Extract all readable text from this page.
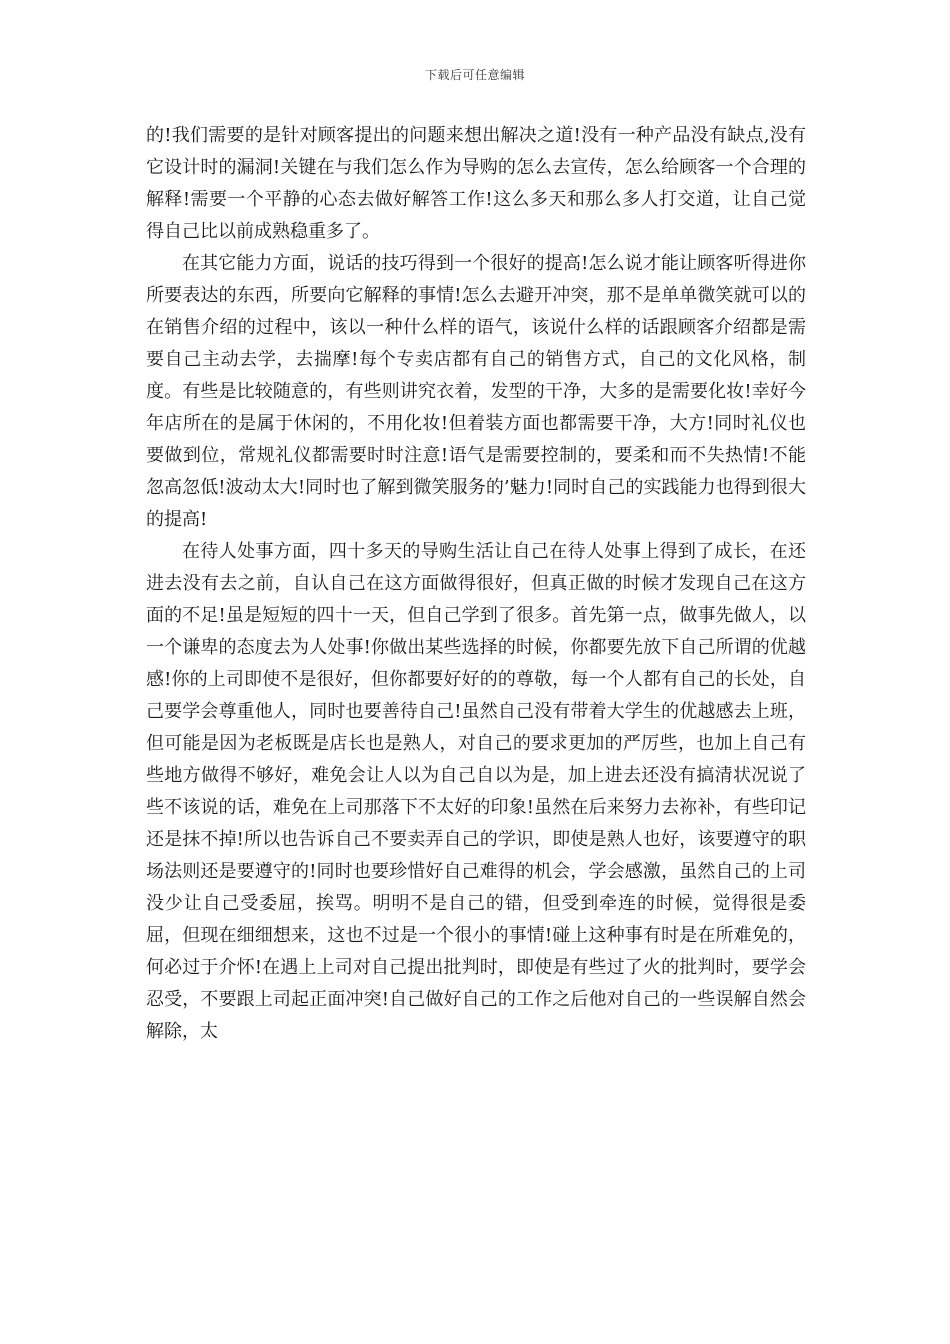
下载后可任意编辑

的!我们需要的是针对顾客提出的问题来想出解决之道!没有一种产品没有缺点,没有它设计时的漏洞!关键在与我们怎么作为导购的怎么去宣传，怎么给顾客一个合理的解释!需要一个平静的心态去做好解答工作!这么多天和那么多人打交道，让自己觉得自己比以前成熟稳重多了。

在其它能力方面，说话的技巧得到一个很好的提高!怎么说才能让顾客听得进你所要表达的东西，所要向它解释的事情!怎么去避开冲突，那不是单单微笑就可以的在销售介绍的过程中，该以一种什么样的语气，该说什么样的话跟顾客介绍都是需要自己主动去学，去揣摩!每个专卖店都有自己的销售方式，自己的文化风格，制度。有些是比较随意的，有些则讲究衣着，发型的干净，大多的是需要化妆!幸好今年店所在的是属于休闲的，不用化妆!但着装方面也都需要干净，大方!同时礼仪也要做到位，常规礼仪都需要时时注意!语气是需要控制的，要柔和而不失热情!不能忽高忽低!波动太大!同时也了解到微笑服务的’魅力!同时自己的实践能力也得到很大的提高!

在待人处事方面，四十多天的导购生活让自己在待人处事上得到了成长，在还进去没有去之前，自认自己在这方面做得很好，但真正做的时候才发现自己在这方面的不足!虽是短短的四十一天，但自己学到了很多。首先第一点，做事先做人，以一个谦卑的态度去为人处事!你做出某些选择的时候，你都要先放下自己所谓的优越感!你的上司即使不是很好，但你都要好好的的尊敬，每一个人都有自己的长处，自己要学会尊重他人，同时也要善待自己!虽然自己没有带着大学生的优越感去上班，但可能是因为老板既是店长也是熟人，对自己的要求更加的严厉些，也加上自己有些地方做得不够好，难免会让人以为自己自以为是，加上进去还没有搞清状况说了些不该说的话，难免在上司那落下不太好的印象!虽然在后来努力去祢补，有些印记还是抹不掉!所以也告诉自己不要卖弄自己的学识，即使是熟人也好，该要遵守的职场法则还是要遵守的!同时也要珍惜好自己难得的机会，学会感激，虽然自己的上司没少让自己受委屈，挨骂。明明不是自己的错，但受到牵连的时候，觉得很是委屈，但现在细细想来，这也不过是一个很小的事情!碰上这种事有时是在所难免的，何必过于介怀!在遇上上司对自己提出批判时，即使是有些过了火的批判时，要学会忍受，不要跟上司起正面冲突!自己做好自己的工作之后他对自己的一些误解自然会解除，太
